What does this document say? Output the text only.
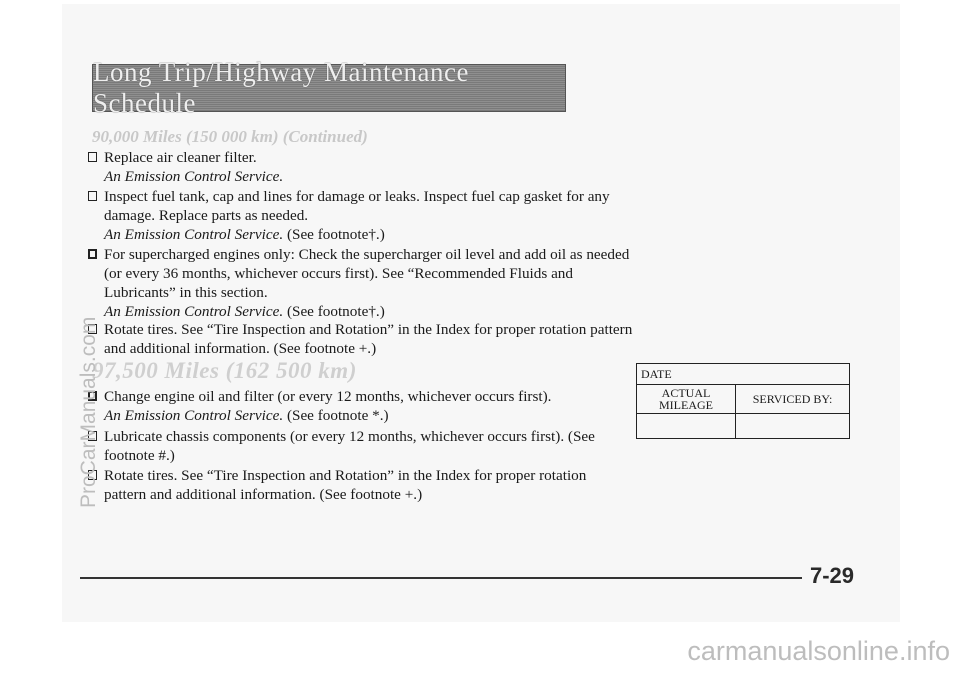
Long Trip/Highway Maintenance Schedule
90,000 Miles (150 000 km) (Continued)
Replace air cleaner filter.
An Emission Control Service.
Inspect fuel tank, cap and lines for damage or leaks. Inspect fuel cap gasket for any damage. Replace parts as needed.
An Emission Control Service. (See footnote†.)
For supercharged engines only: Check the supercharger oil level and add oil as needed (or every 36 months, whichever occurs first). See “Recommended Fluids and Lubricants” in this section.
An Emission Control Service. (See footnote†.)
Rotate tires. See “Tire Inspection and Rotation” in the Index for proper rotation pattern and additional information. (See footnote +.)
97,500 Miles (162 500 km)
Change engine oil and filter (or every 12 months, whichever occurs first).
An Emission Control Service. (See footnote *.)
Lubricate chassis components (or every 12 months, whichever occurs first). (See footnote #.)
Rotate tires. See “Tire Inspection and Rotation” in the Index for proper rotation pattern and additional information. (See footnote +.)
DATE	
ACTUAL
MILEAGE	SERVICED BY:

7-29
ProCarManuals.com
carmanualsonline.info
